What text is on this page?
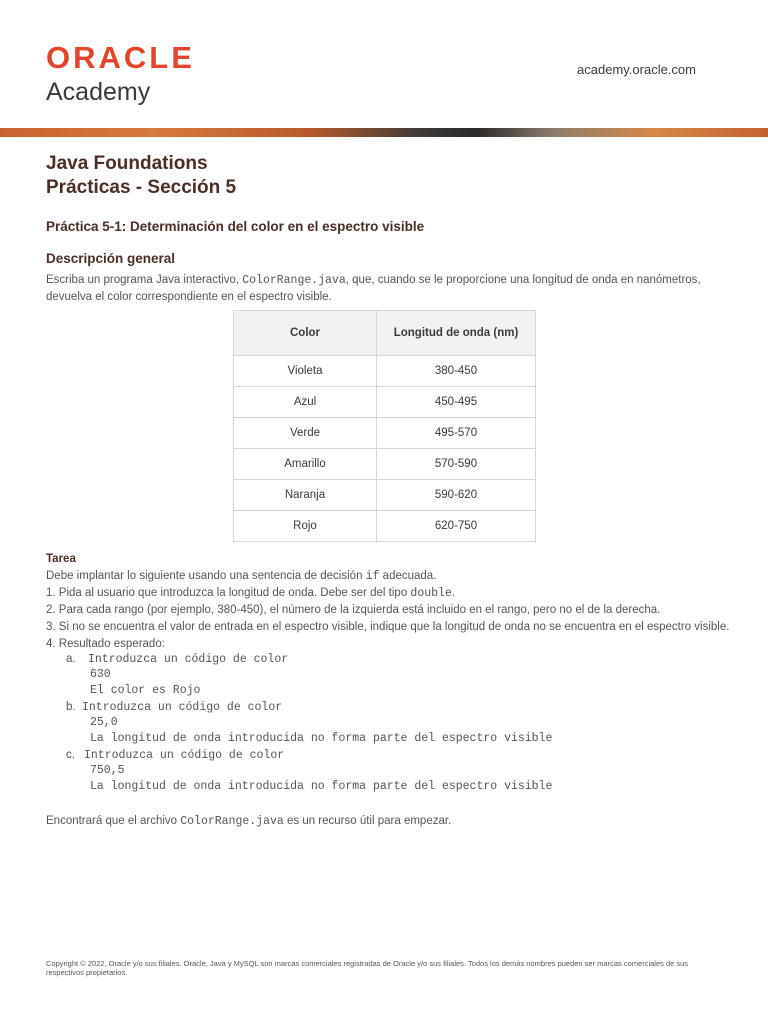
ORACLE
Academy
academy.oracle.com
Java Foundations
Prácticas - Sección 5
Práctica 5-1: Determinación del color en el espectro visible
Descripción general
Escriba un programa Java interactivo, ColorRange.java, que, cuando se le proporcione una longitud de onda en nanómetros, devuelva el color correspondiente en el espectro visible.
Color	Longitud de onda (nm)
Violeta	380-450
Azul	450-495
Verde	495-570
Amarillo	570-590
Naranja	590-620
Rojo	620-750
Tarea
Debe implantar lo siguiente usando una sentencia de decisión if adecuada.
1. Pida al usuario que introduzca la longitud de onda. Debe ser del tipo double.
2. Para cada rango (por ejemplo, 380-450), el número de la izquierda está incluido en el rango, pero no el de la derecha.
3. Si no se encuentra el valor de entrada en el espectro visible, indique que la longitud de onda no se encuentra en el espectro visible.
4. Resultado esperado:
a. Introduzca un código de color
630
El color es Rojo
b. Introduzca un código de color
25,0
La longitud de onda introducida no forma parte del espectro visible
c. Introduzca un código de color
750,5
La longitud de onda introducida no forma parte del espectro visible
Encontrará que el archivo ColorRange.java es un recurso útil para empezar.
Copyright © 2022, Oracle y/o sus filiales. Oracle, Java y MySQL son marcas comerciales registradas de Oracle y/o sus filiales. Todos los demás nombres pueden ser marcas comerciales de sus respectivos propietarios.
